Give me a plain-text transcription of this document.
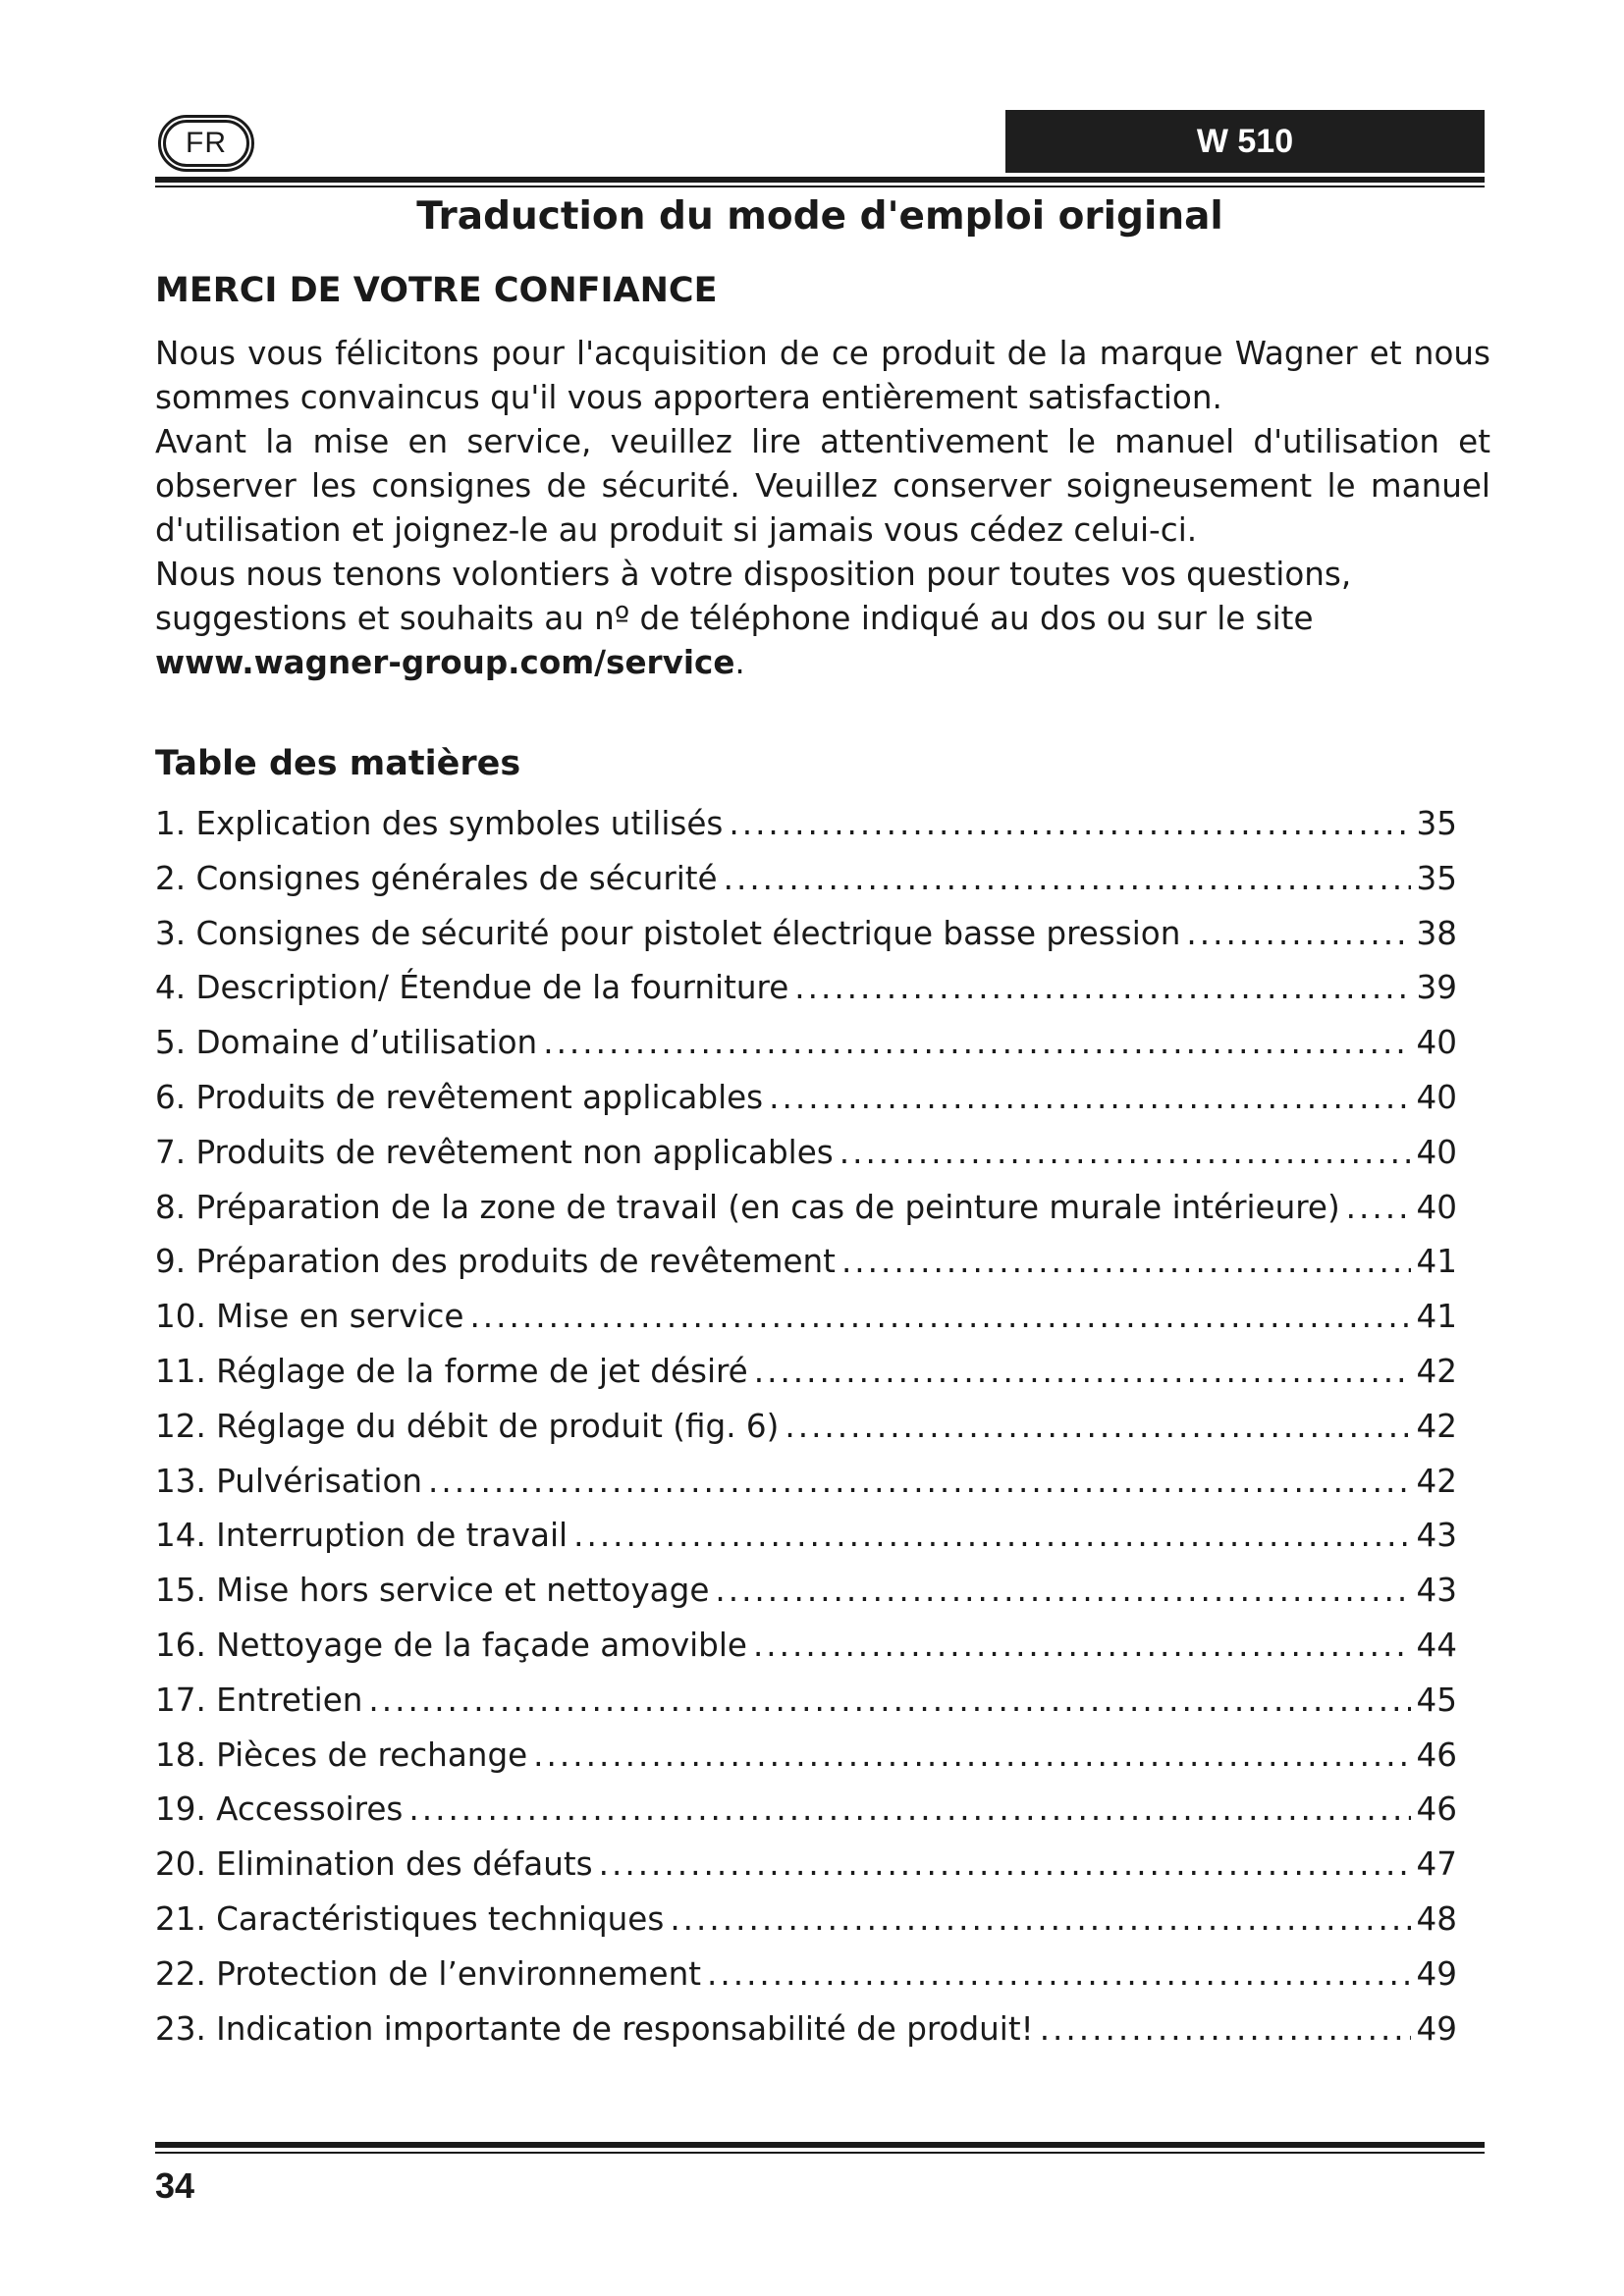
FR	W 510
Traduction du mode d'emploi original
MERCI DE VOTRE CONFIANCE

Nous vous félicitons pour l'acquisition de ce produit de la marque Wagner et nous sommes convaincus qu'il vous apportera entièrement satisfaction.

Avant la mise en service, veuillez lire attentivement le manuel d'utilisation et observer les consignes de sécurité. Veuillez conserver soigneusement le manuel d'utilisation et joignez-le au produit si jamais vous cédez celui-ci.

Nous nous tenons volontiers à votre disposition pour toutes vos questions, suggestions et souhaits au nº de téléphone indiqué au dos ou sur le site www.wagner-group.com/service.

Table des matières
1. Explication des symboles utilisés .....	35
2. Consignes générales de sécurité .....	35
3. Consignes de sécurité pour pistolet électrique basse pression .....	38
4. Description/ Étendue de la fourniture .....	39
5. Domaine d’utilisation .....	40
6. Produits de revêtement applicables .....	40
7. Produits de revêtement non applicables .....	40
8. Préparation de la zone de travail (en cas de peinture murale intérieure) ..... 40
9. Préparation des produits de revêtement .....	41
10. Mise en service .....	41
11. Réglage de la forme de jet désiré .....	42
12. Réglage du débit de produit (fig. 6) .....	42
13. Pulvérisation .....	42
14. Interruption de travail .....	43
15. Mise hors service et nettoyage .....	43
16. Nettoyage de la façade amovible .....	44
17. Entretien .....	45
18. Pièces de rechange .....	46
19. Accessoires .....	46
20. Elimination des défauts .....	47
21. Caractéristiques techniques .....	48
22. Protection de l’environnement .....	49
23. Indication importante de responsabilité de produit! .....	49
34
